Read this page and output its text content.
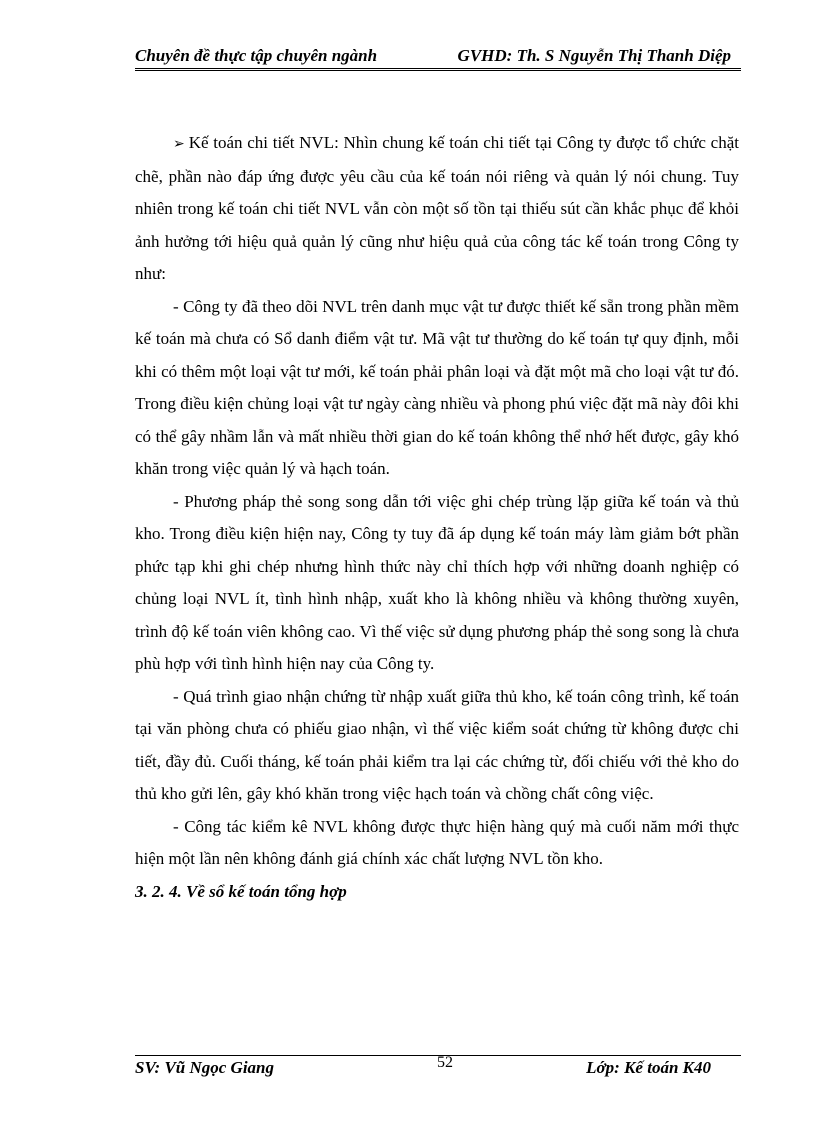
Chuyên đề thực tập chuyên ngành	GVHD: Th. S Nguyễn Thị Thanh Diệp

➢ Kế toán chi tiết NVL: Nhìn chung kế toán chi tiết tại Công ty được tổ chức chặt chẽ, phần nào đáp ứng được yêu cầu của kế toán nói riêng và quản lý nói chung. Tuy nhiên trong kế toán chi tiết NVL vẫn còn một số tồn tại thiếu sút cần khắc phục để khỏi ảnh hưởng tới hiệu quả quản lý cũng như hiệu quả của công tác kế toán trong Công ty như:

- Công ty đã theo dõi NVL trên danh mục vật tư được thiết kế sẵn trong phần mềm kế toán mà chưa có Sổ danh điểm vật tư. Mã vật tư thường do kế toán tự quy định, mỗi khi có thêm một loại vật tư mới, kế toán phải phân loại và đặt một mã cho loại vật tư đó. Trong điều kiện chủng loại vật tư ngày càng nhiều và phong phú việc đặt mã này đôi khi có thể gây nhầm lẫn và mất nhiều thời gian do kế toán không thể nhớ hết được, gây khó khăn trong việc quản lý và hạch toán.

- Phương pháp thẻ song song dẫn tới việc ghi chép trùng lặp giữa kế toán và thủ kho. Trong điều kiện hiện nay, Công ty tuy đã áp dụng kế toán máy làm giảm bớt phần phức tạp khi ghi chép nhưng hình thức này chỉ thích hợp với những doanh nghiệp có chủng loại NVL ít, tình hình nhập, xuất kho là không nhiều và không thường xuyên, trình độ kế toán viên không cao. Vì thế việc sử dụng phương pháp thẻ song song là chưa phù hợp với tình hình hiện nay của Công ty.

- Quá trình giao nhận chứng từ nhập xuất giữa thủ kho, kế toán công trình, kế toán tại văn phòng chưa có phiếu giao nhận, vì thế việc kiểm soát chứng từ không được chi tiết, đầy đủ. Cuối tháng, kế toán phải kiểm tra lại các chứng từ, đối chiếu với thẻ kho do thủ kho gửi lên, gây khó khăn trong việc hạch toán và chồng chất công việc.

- Công tác kiểm kê NVL không được thực hiện hàng quý mà cuối năm mới thực hiện một lần nên không đánh giá chính xác chất lượng NVL tồn kho.

3. 2. 4. Về sổ kế toán tổng hợp

SV: Vũ Ngọc Giang	52	Lớp: Kế toán K40
